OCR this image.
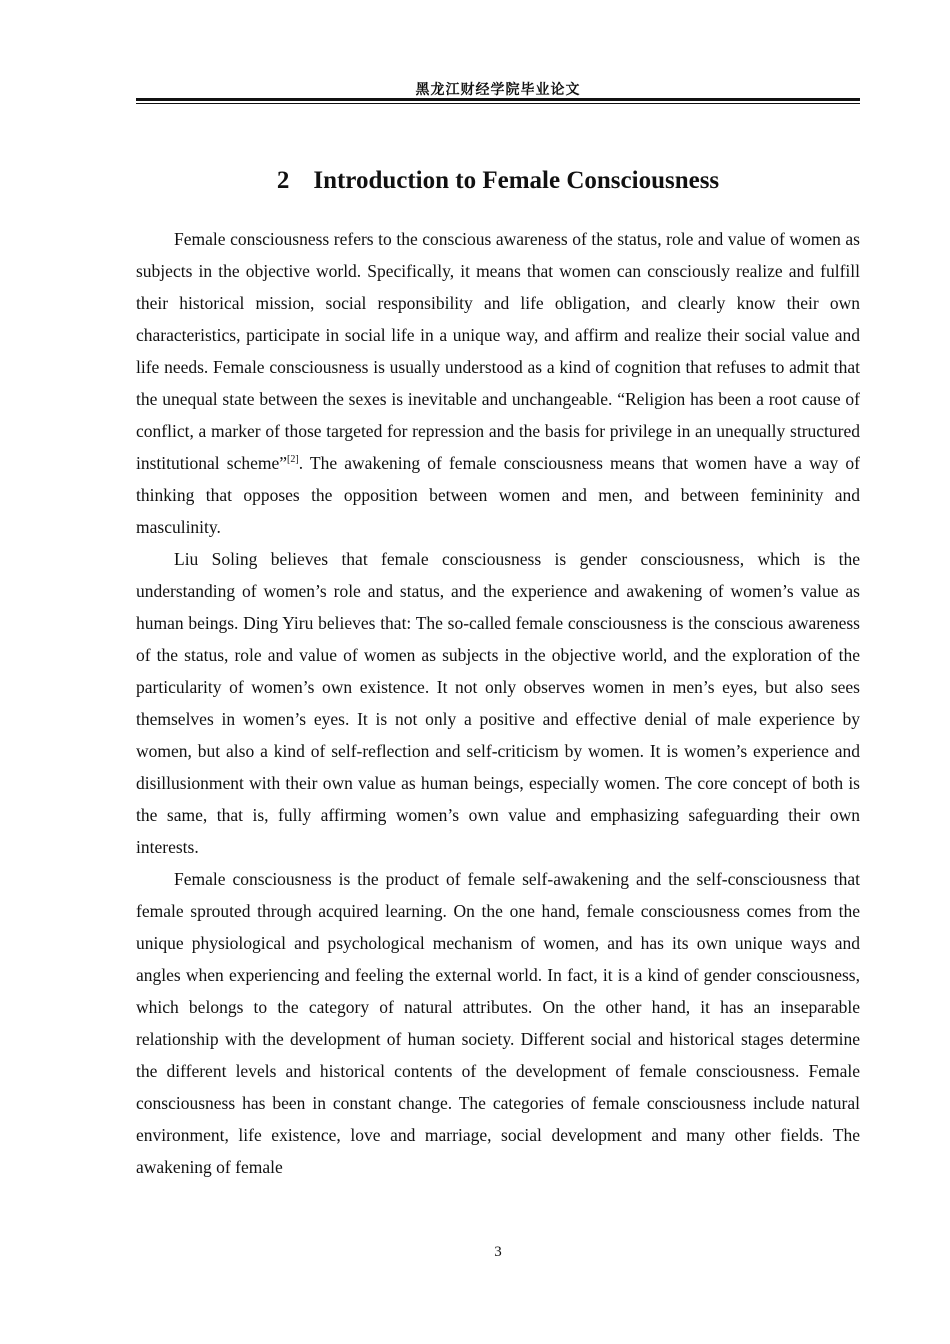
黑龙江财经学院毕业论文
2 Introduction to Female Consciousness

Female consciousness refers to the conscious awareness of the status, role and value of women as subjects in the objective world. Specifically, it means that women can consciously realize and fulfill their historical mission, social responsibility and life obligation, and clearly know their own characteristics, participate in social life in a unique way, and affirm and realize their social value and life needs. Female consciousness is usually understood as a kind of cognition that refuses to admit that the unequal state between the sexes is inevitable and unchangeable. “Religion has been a root cause of conflict, a marker of those targeted for repression and the basis for privilege in an unequally structured institutional scheme”[2]. The awakening of female consciousness means that women have a way of thinking that opposes the opposition between women and men, and between femininity and masculinity.

Liu Soling believes that female consciousness is gender consciousness, which is the understanding of women’s role and status, and the experience and awakening of women’s value as human beings. Ding Yiru believes that: The so-called female consciousness is the conscious awareness of the status, role and value of women as subjects in the objective world, and the exploration of the particularity of women’s own existence. It not only observes women in men’s eyes, but also sees themselves in women’s eyes. It is not only a positive and effective denial of male experience by women, but also a kind of self-reflection and self-criticism by women. It is women’s experience and disillusionment with their own value as human beings, especially women. The core concept of both is the same, that is, fully affirming women’s own value and emphasizing safeguarding their own interests.

Female consciousness is the product of female self-awakening and the self-consciousness that female sprouted through acquired learning. On the one hand, female consciousness comes from the unique physiological and psychological mechanism of women, and has its own unique ways and angles when experiencing and feeling the external world. In fact, it is a kind of gender consciousness, which belongs to the category of natural attributes. On the other hand, it has an inseparable relationship with the development of human society. Different social and historical stages determine the different levels and historical contents of the development of female consciousness. Female consciousness has been in constant change. The categories of female consciousness include natural environment, life existence, love and marriage, social development and many other fields. The awakening of female

3
